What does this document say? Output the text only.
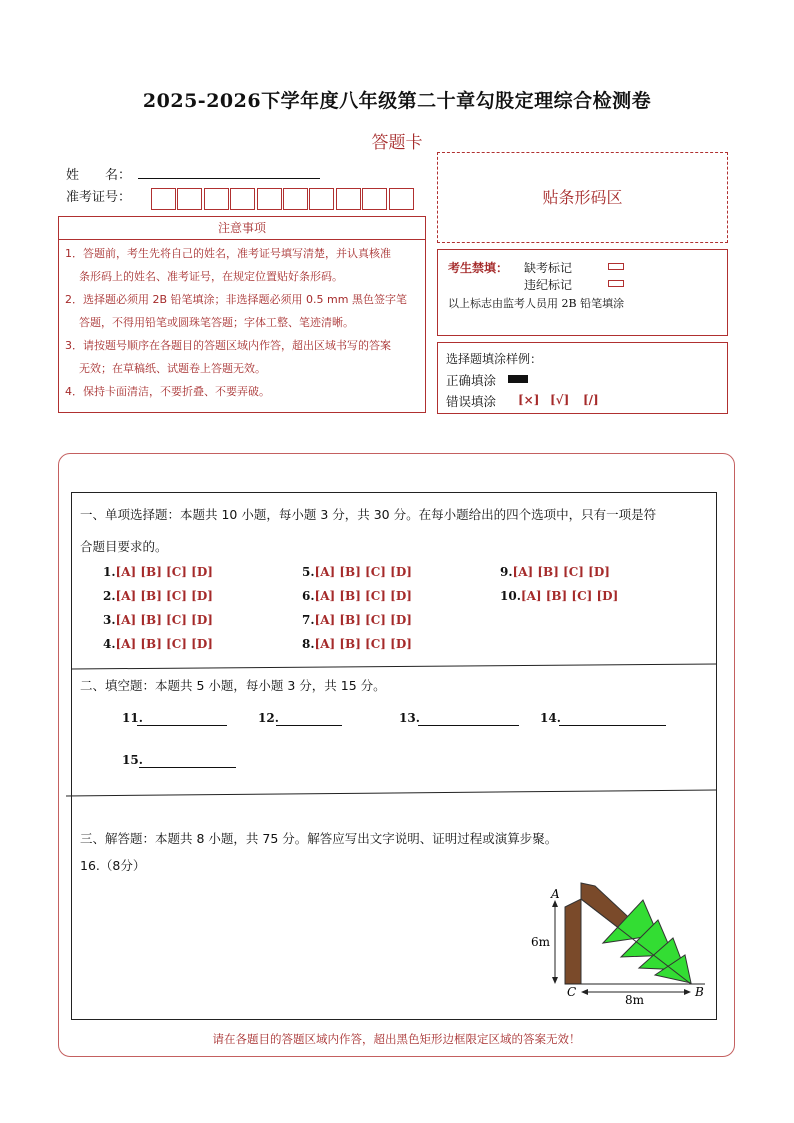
2025-2026下学年度八年级第二十章勾股定理综合检测卷
答题卡
姓　　名：
准考证号：
注意事项
1．答题前，考生先将自己的姓名，准考证号填写清楚，并认真核准
条形码上的姓名、准考证号，在规定位置贴好条形码。
2．选择题必须用 2B 铅笔填涂；非选择题必须用 0.5 mm 黑色签字笔
答题，不得用铅笔或圆珠笔答题；字体工整、笔迹清晰。
3．请按题号顺序在各题目的答题区域内作答，超出区域书写的答案
无效；在草稿纸、试题卷上答题无效。
4．保持卡面清洁，不要折叠、不要弄破。
贴条形码区
考生禁填： 缺考标记
违纪标记
以上标志由监考人员用 2B 铅笔填涂
选择题填涂样例：
正确填涂
错误填涂 [×] [√] [/]
一、单项选择题：本题共 10 小题，每小题 3 分，共 30 分。在每小题给出的四个选项中，只有一项是符
合题目要求的。
1.[A] [B] [C] [D]
2.[A] [B] [C] [D]
3.[A] [B] [C] [D]
4.[A] [B] [C] [D]
5.[A] [B] [C] [D]
6.[A] [B] [C] [D]
7.[A] [B] [C] [D]
8.[A] [B] [C] [D]
9.[A] [B] [C] [D]
10.[A] [B] [C] [D]
二、填空题：本题共 5 小题，每小题 3 分，共 15 分。
11.	12.	13.	14.
15.
三、解答题：本题共 8 小题，共 75 分。解答应写出文字说明、证明过程或演算步聚。
16.（8分）
A
B
C
6m
8m
请在各题目的答题区域内作答，超出黑色矩形边框限定区域的答案无效！
